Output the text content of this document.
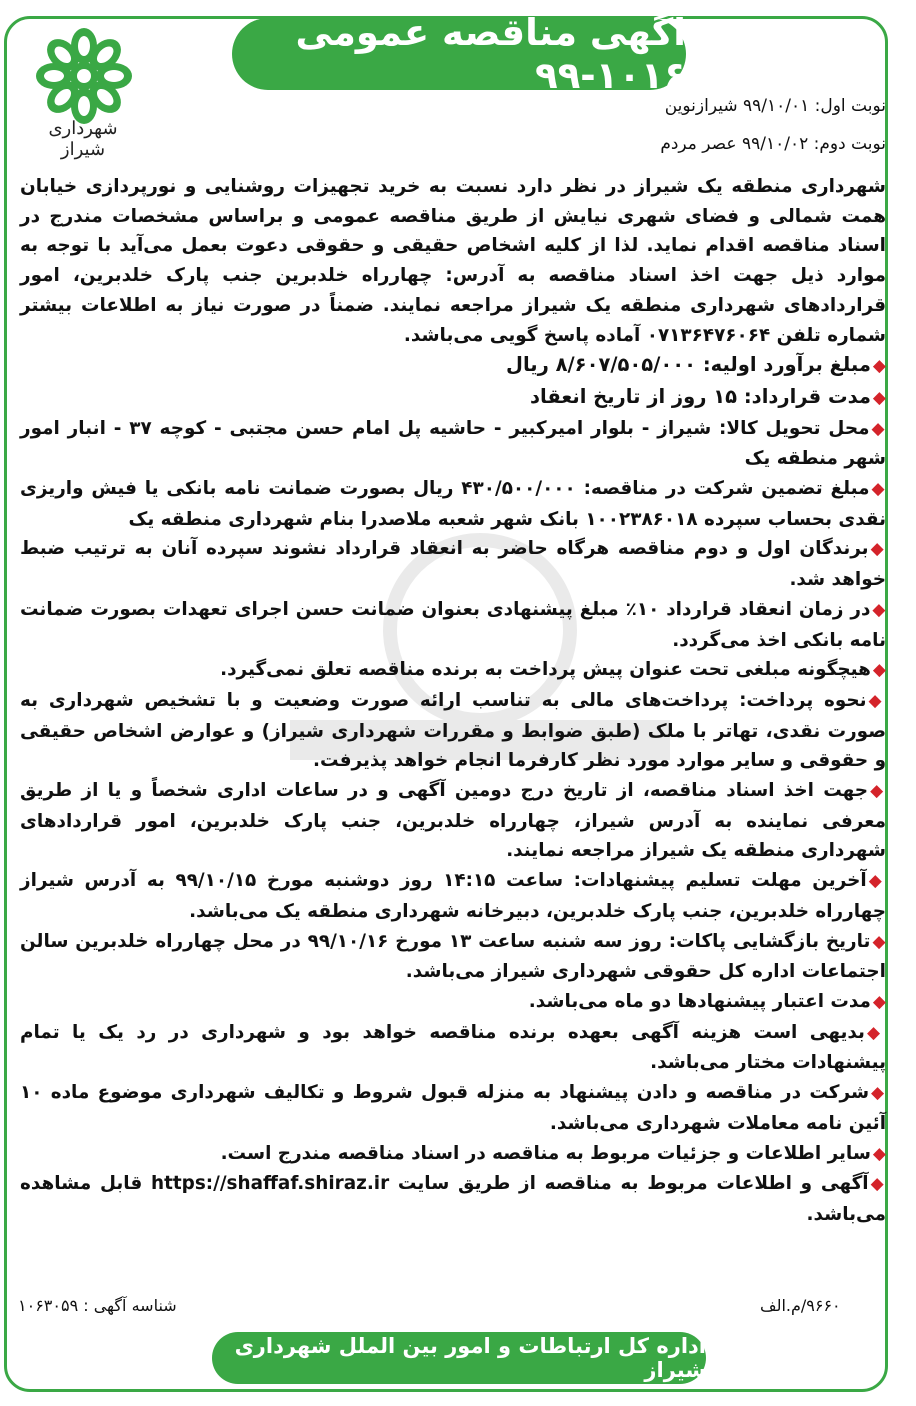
آگهی مناقصه عمومی ۱۰۱۶-۹۹
شهرداری شیراز
نوبت اول: ۹۹/۱۰/۰۱ شیرازنوین
نوبت دوم: ۹۹/۱۰/۰۲ عصر مردم

شهرداری منطقه یک شیراز در نظر دارد نسبت به خرید تجهیزات روشنایی و نورپردازی خیابان همت شمالی و فضای شهری نیایش از طریق مناقصه عمومی و براساس مشخصات مندرج در اسناد مناقصه اقدام نماید. لذا از کلیه اشخاص حقیقی و حقوقی دعوت بعمل می‌آید با توجه به موارد ذیل جهت اخذ اسناد مناقصه به آدرس: چهارراه خلدبرین جنب پارک خلدبرین، امور قراردادهای شهرداری منطقه یک شیراز مراجعه نمایند. ضمناً در صورت نیاز به اطلاعات بیشتر شماره تلفن ۰۷۱۳۶۴۷۶۰۶۴ آماده پاسخ گویی می‌باشد.

◆مبلغ برآورد اولیه: ۸/۶۰۷/۵۰۵/۰۰۰ ریال

◆مدت قرارداد: ۱۵ روز از تاریخ انعقاد

◆محل تحویل کالا: شیراز - بلوار امیرکبیر - حاشیه پل امام حسن مجتبی - کوچه ۳۷ - انبار امور شهر منطقه یک

◆مبلغ تضمین شرکت در مناقصه: ۴۳۰/۵۰۰/۰۰۰ ریال بصورت ضمانت نامه بانکی یا فیش واریزی نقدی بحساب سپرده ۱۰۰۲۳۸۶۰۱۸ بانک شهر شعبه ملاصدرا بنام شهرداری منطقه یک

◆برندگان اول و دوم مناقصه هرگاه حاضر به انعقاد قرارداد نشوند سپرده آنان به ترتیب ضبط خواهد شد.

◆در زمان انعقاد قرارداد ۱۰٪ مبلغ پیشنهادی بعنوان ضمانت حسن اجرای تعهدات بصورت ضمانت نامه بانکی اخذ می‌گردد.

◆هیچگونه مبلغی تحت عنوان پیش پرداخت به برنده مناقصه تعلق نمی‌گیرد.

◆نحوه پرداخت: پرداخت‌های مالی به تناسب ارائه صورت وضعیت و با تشخیص شهرداری به صورت نقدی، تهاتر با ملک (طبق ضوابط و مقررات شهرداری شیراز) و عوارض اشخاص حقیقی و حقوقی و سایر موارد مورد نظر کارفرما انجام خواهد پذیرفت.

◆جهت اخذ اسناد مناقصه، از تاریخ درج دومین آگهی و در ساعات اداری شخصاً و یا از طریق معرفی نماینده به آدرس شیراز، چهارراه خلدبرین، جنب پارک خلدبرین، امور قراردادهای شهرداری منطقه یک شیراز مراجعه نمایند.

◆آخرین مهلت تسلیم پیشنهادات: ساعت ۱۴:۱۵ روز دوشنبه مورخ ۹۹/۱۰/۱۵ به آدرس شیراز چهارراه خلدبرین، جنب پارک خلدبرین، دبیرخانه شهرداری منطقه یک می‌باشد.

◆تاریخ بازگشایی پاکات: روز سه شنبه ساعت ۱۳ مورخ ۹۹/۱۰/۱۶ در محل چهارراه خلدبرین سالن اجتماعات اداره کل حقوقی شهرداری شیراز می‌باشد.

◆مدت اعتبار پیشنهادها دو ماه می‌باشد.

◆بدیهی است هزینه آگهی بعهده برنده مناقصه خواهد بود و شهرداری در رد یک یا تمام پیشنهادات مختار می‌باشد.

◆شرکت در مناقصه و دادن پیشنهاد به منزله قبول شروط و تکالیف شهرداری موضوع ماده ۱۰ آئین نامه معاملات شهرداری می‌باشد.

◆سایر اطلاعات و جزئیات مربوط به مناقصه در اسناد مناقصه مندرج است.

◆آگهی و اطلاعات مربوط به مناقصه از طریق سایت https://shaffaf.shiraz.ir قابل مشاهده می‌باشد.

۹۶۶۰/م.الف
شناسه آگهی : ۱۰۶۳۰۵۹
اداره کل ارتباطات و امور بین الملل شهرداری شیراز
